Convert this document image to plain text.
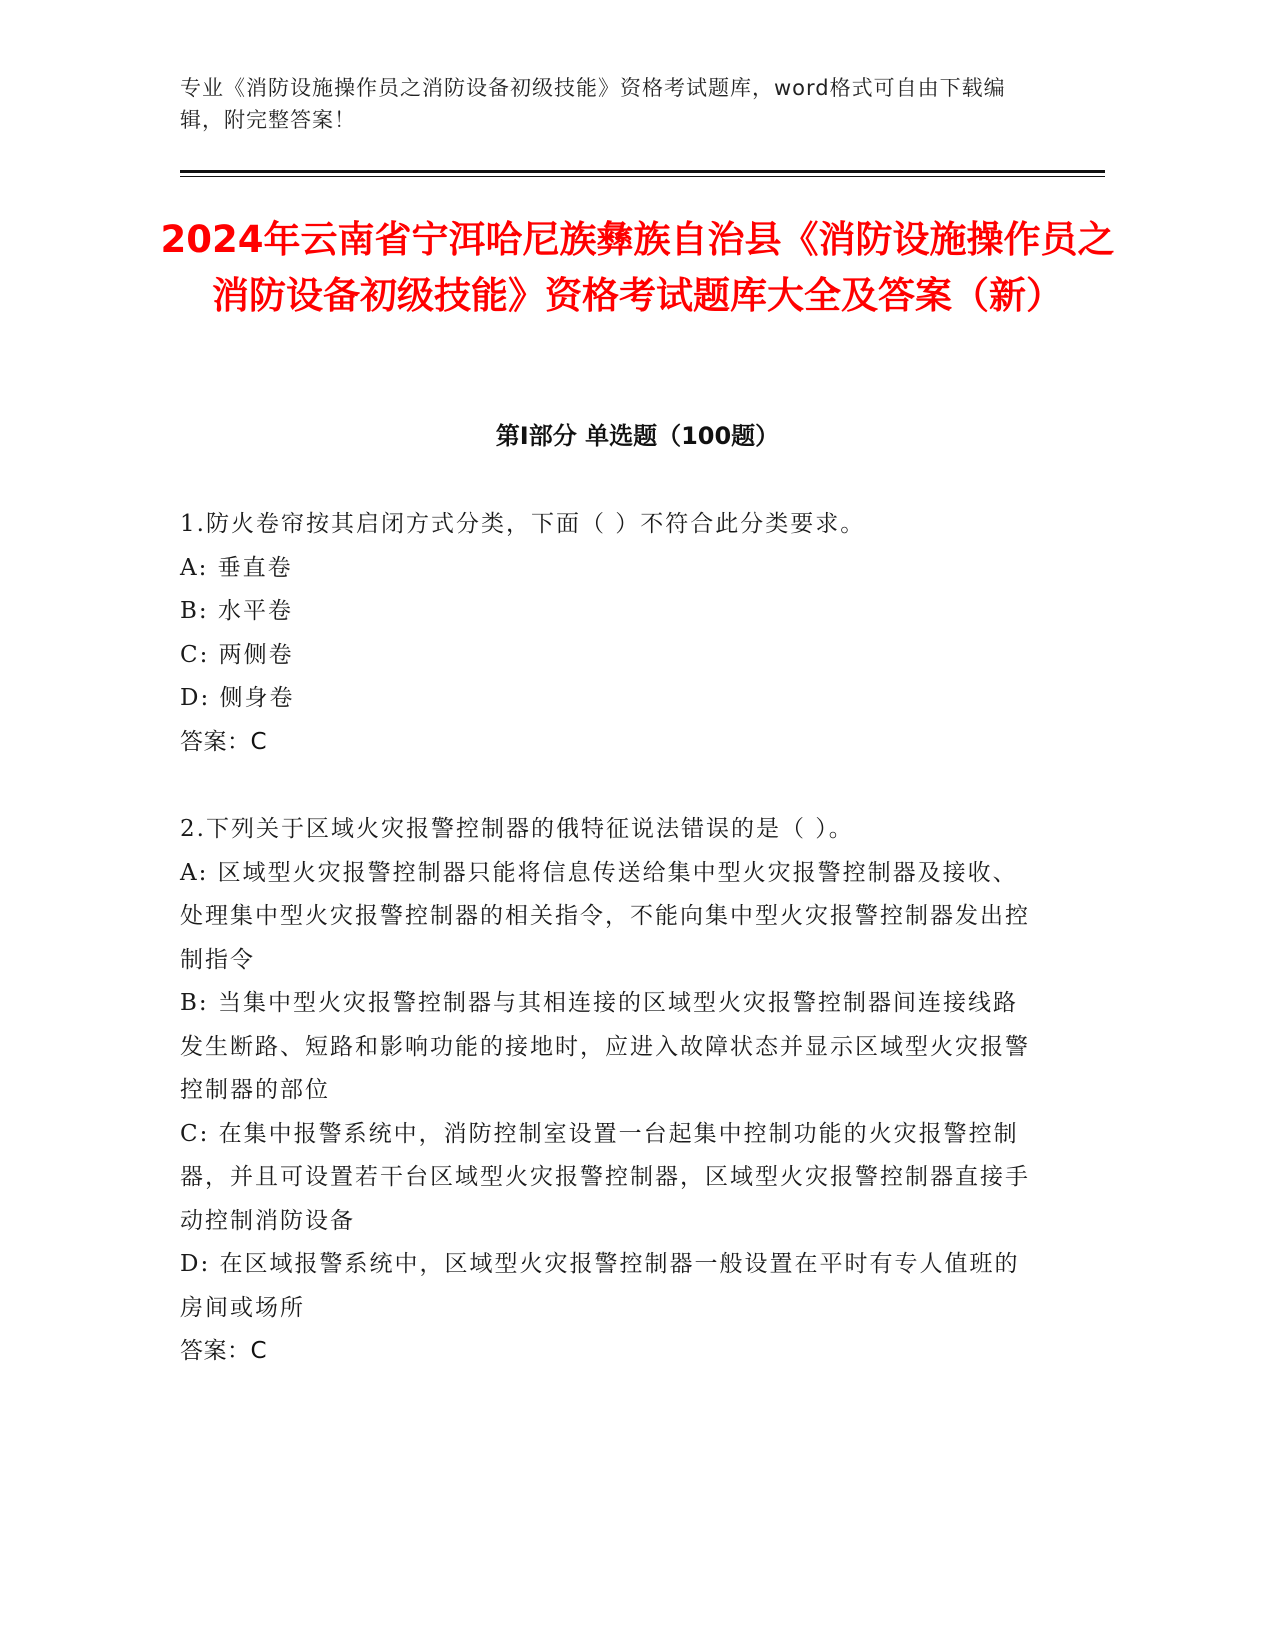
专业《消防设施操作员之消防设备初级技能》资格考试题库，word格式可自由下载编辑，附完整答案！
2024年云南省宁洱哈尼族彝族自治县《消防设施操作员之消防设备初级技能》资格考试题库大全及答案（新）
第Ⅰ部分 单选题（100题）
1.防火卷帘按其启闭方式分类，下面（ ）不符合此分类要求。
A: 垂直卷
B: 水平卷
C: 两侧卷
D: 侧身卷
答案：C
2.下列关于区域火灾报警控制器的俄特征说法错误的是（ ）。
A: 区域型火灾报警控制器只能将信息传送给集中型火灾报警控制器及接收、处理集中型火灾报警控制器的相关指令，不能向集中型火灾报警控制器发出控制指令
B: 当集中型火灾报警控制器与其相连接的区域型火灾报警控制器间连接线路发生断路、短路和影响功能的接地时，应进入故障状态并显示区域型火灾报警控制器的部位
C: 在集中报警系统中，消防控制室设置一台起集中控制功能的火灾报警控制器，并且可设置若干台区域型火灾报警控制器，区域型火灾报警控制器直接手动控制消防设备
D: 在区域报警系统中，区域型火灾报警控制器一般设置在平时有专人值班的房间或场所
答案：C
